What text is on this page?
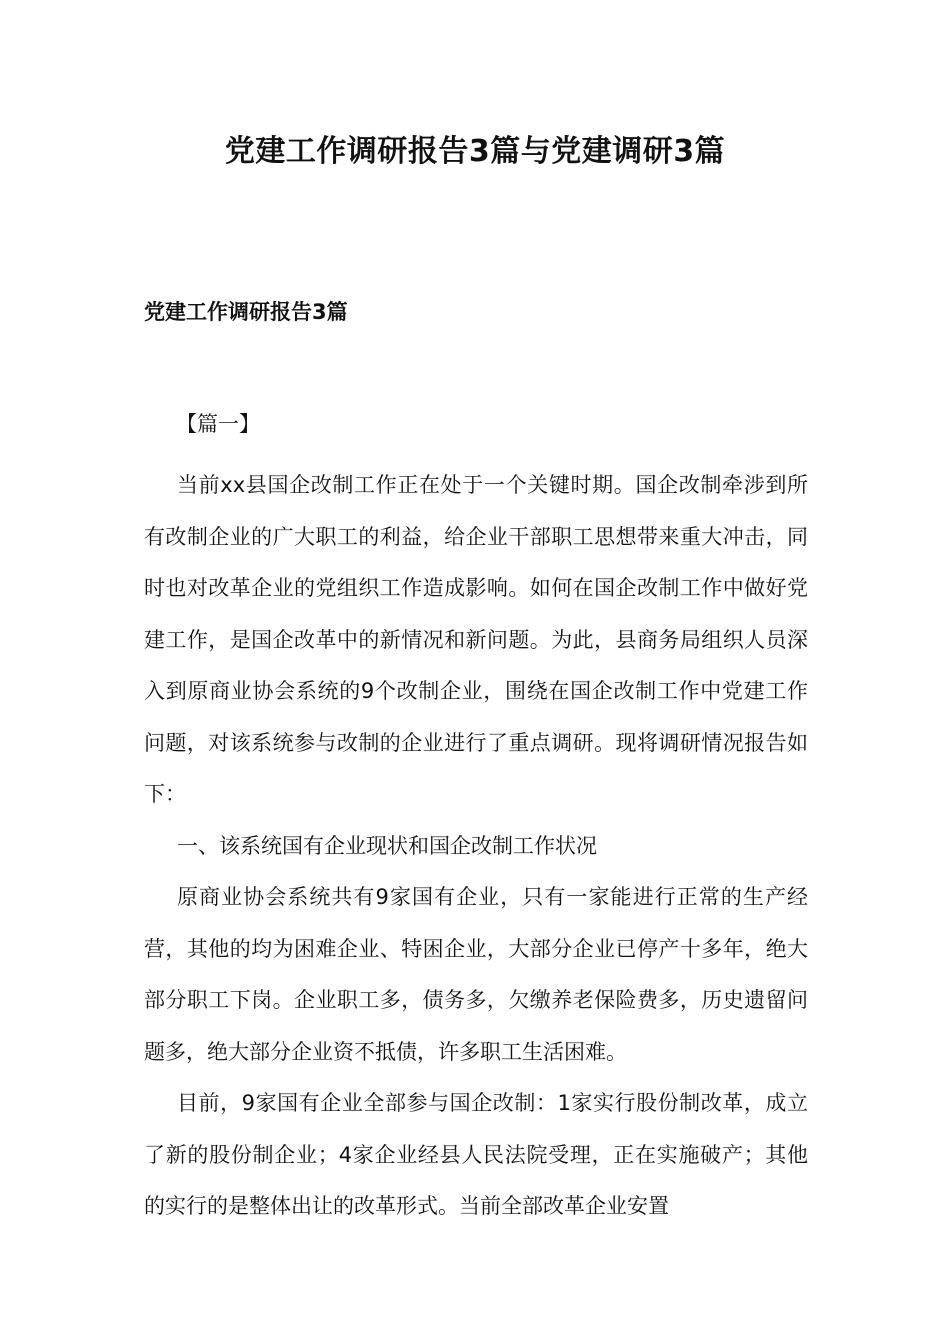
党建工作调研报告3篇与党建调研3篇
党建工作调研报告3篇

【篇一】

当前xx县国企改制工作正在处于一个关键时期。国企改制牵涉到所有改制企业的广大职工的利益，给企业干部职工思想带来重大冲击，同时也对改革企业的党组织工作造成影响。如何在国企改制工作中做好党建工作，是国企改革中的新情况和新问题。为此，县商务局组织人员深入到原商业协会系统的9个改制企业，围绕在国企改制工作中党建工作问题，对该系统参与改制的企业进行了重点调研。现将调研情况报告如下：

一、该系统国有企业现状和国企改制工作状况

原商业协会系统共有9家国有企业，只有一家能进行正常的生产经营，其他的均为困难企业、特困企业，大部分企业已停产十多年，绝大部分职工下岗。企业职工多，债务多，欠缴养老保险费多，历史遗留问题多，绝大部分企业资不抵债，许多职工生活困难。

目前，9家国有企业全部参与国企改制：1家实行股份制改革，成立了新的股份制企业；4家企业经县人民法院受理，正在实施破产；其他的实行的是整体出让的改革形式。当前全部改革企业安置
